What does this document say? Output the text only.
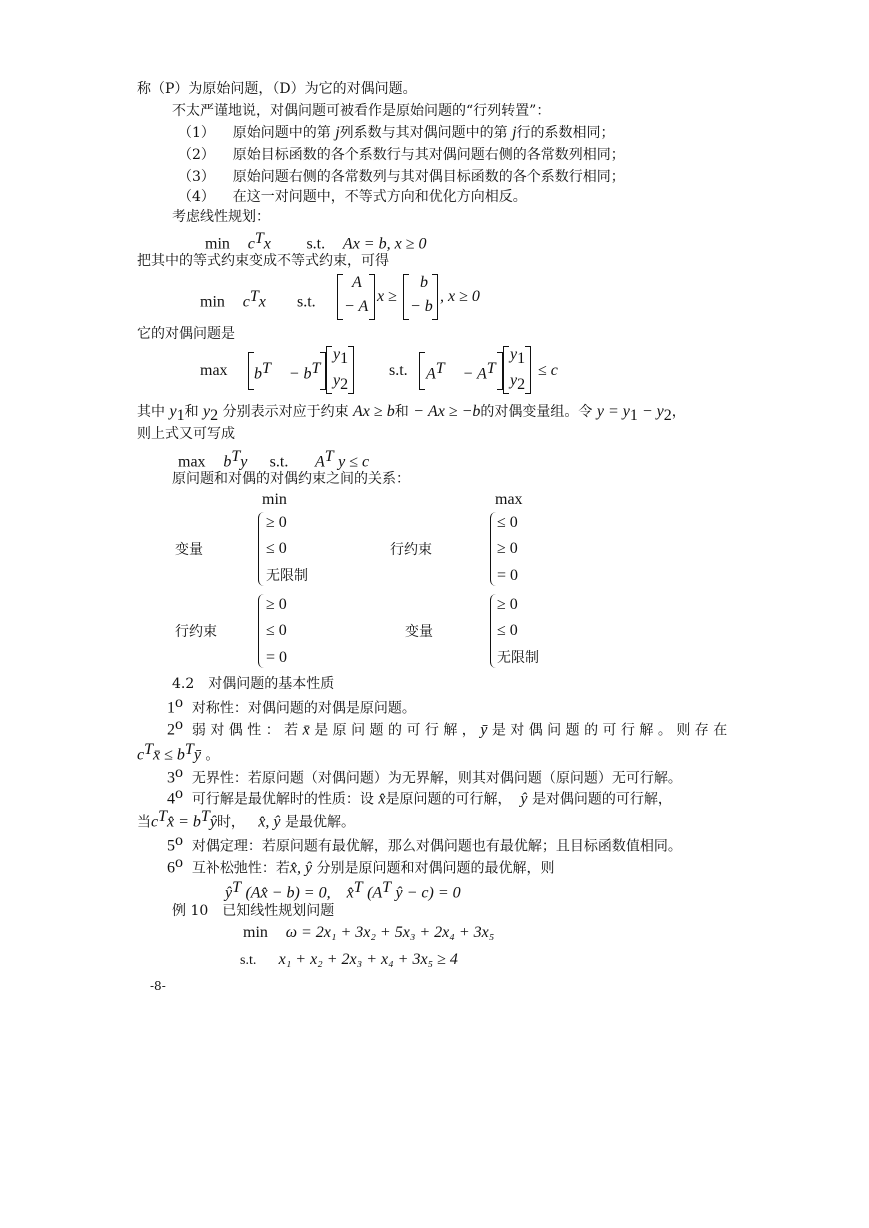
称（P）为原始问题，（D）为它的对偶问题。
不太严谨地说，对偶问题可被看作是原始问题的“行列转置”：
（1） 原始问题中的第 j列系数与其对偶问题中的第 j行的系数相同；
（2） 原始目标函数的各个系数行与其对偶问题右侧的各常数列相同；
（3） 原始问题右侧的各常数列与其对偶目标函数的各个系数行相同；
（4） 在这一对问题中，不等式方向和优化方向相反。
考虑线性规划：
$\min c^Tx$ s.t. Ax = b, x ≥ 0
把其中的等式约束变成不等式约束，可得
$\min c^Tx$ s.t.
A
− A
x ≥
b
− b
, x ≥ 0
它的对偶问题是
$\max b^T - b^T$
$y_1$
$y_2$
s.t. $A^T - A^T$
$y_1$
$y_2$
≤ c
其中 $y_1$和 $y_2$ 分别表示对应于约束 Ax ≥ b和 − Ax ≥ −b的对偶变量组。令 $y = y_1 - y_2$，
则上式又可写成
$\max b^Ty$ s.t. $A^T$ y ≤ c
原问题和对偶的对偶约束之间的关系：
min	max
变量
≥ 0
≤ 0
无限制
行约束
≤ 0
≥ 0
= 0
行约束
≥ 0
≤ 0
= 0
变量
≥ 0
≤ 0
无限制
4.2　对偶问题的基本性质
1$^o$ 对称性：对偶问题的对偶是原问题。
2$^o$ 弱 对 偶 性 ： 若 x̄ 是 原 问 题 的 可 行 解 ， ȳ 是 对 偶 问 题 的 可 行 解 。 则 存 在
$c^Tx̄$ ≤ $b^Tȳ$ 。
3$^o$ 无界性：若原问题（对偶问题）为无界解，则其对偶问题（原问题）无可行解。
4$^o$ 可行解是最优解时的性质：设 x̂是原问题的可行解， ŷ 是对偶问题的可行解，
当$c^Tx̂$ = $b^Tŷ$时， x̂, ŷ 是最优解。
5$^o$ 对偶定理：若原问题有最优解，那么对偶问题也有最优解；且目标函数值相同。
6$^o$ 互补松弛性：若x̂, ŷ 分别是原问题和对偶问题的最优解，则
$ŷ^T$ (Ax̂ − b) = 0,　x̂$^T$ ($A^T$ ŷ − c) = 0
例 10　已知线性规划问题
min ω = 2x₁ + 3x₂ + 5x₃ + 2x₄ + 3x₅
s.t. x₁ + x₂ + 2x₃ + x₄ + 3x₅ ≥ 4
-8-
